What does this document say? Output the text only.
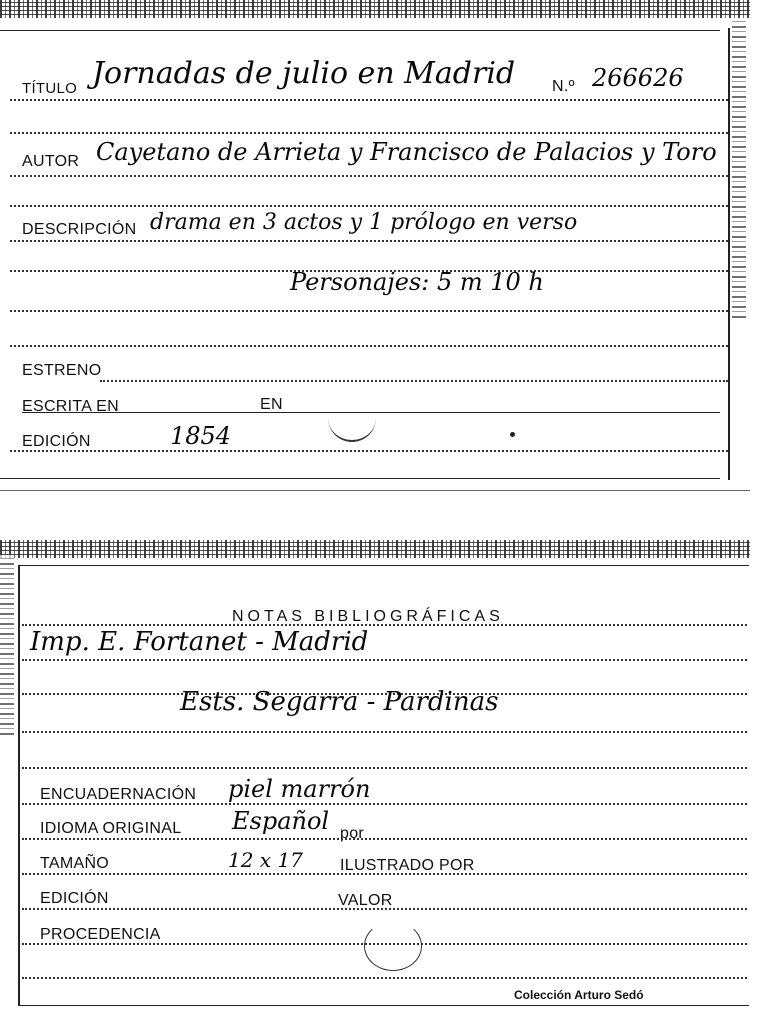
TÍTULO Jornadas de julio en Madrid N.º 266626
AUTOR Cayetano de Arrieta y Francisco de Palacios y Toro
DESCRIPCIÓN drama en 3 actos y 1 prólogo en verso
Personajes: 5 m 10 h
ESTRENO
ESCRITA EN	EN
EDICIÓN	1854
NOTAS BIBLIOGRÁFICAS
Imp. E. Fortanet - Madrid
Ests. Segarra - Pardinas
ENCUADERNACIÓN piel marrón
IDIOMA ORIGINAL Español por
TAMAÑO	12 x 17 ILUSTRADO POR
EDICIÓN	VALOR
PROCEDENCIA
Colección Arturo Sedó
